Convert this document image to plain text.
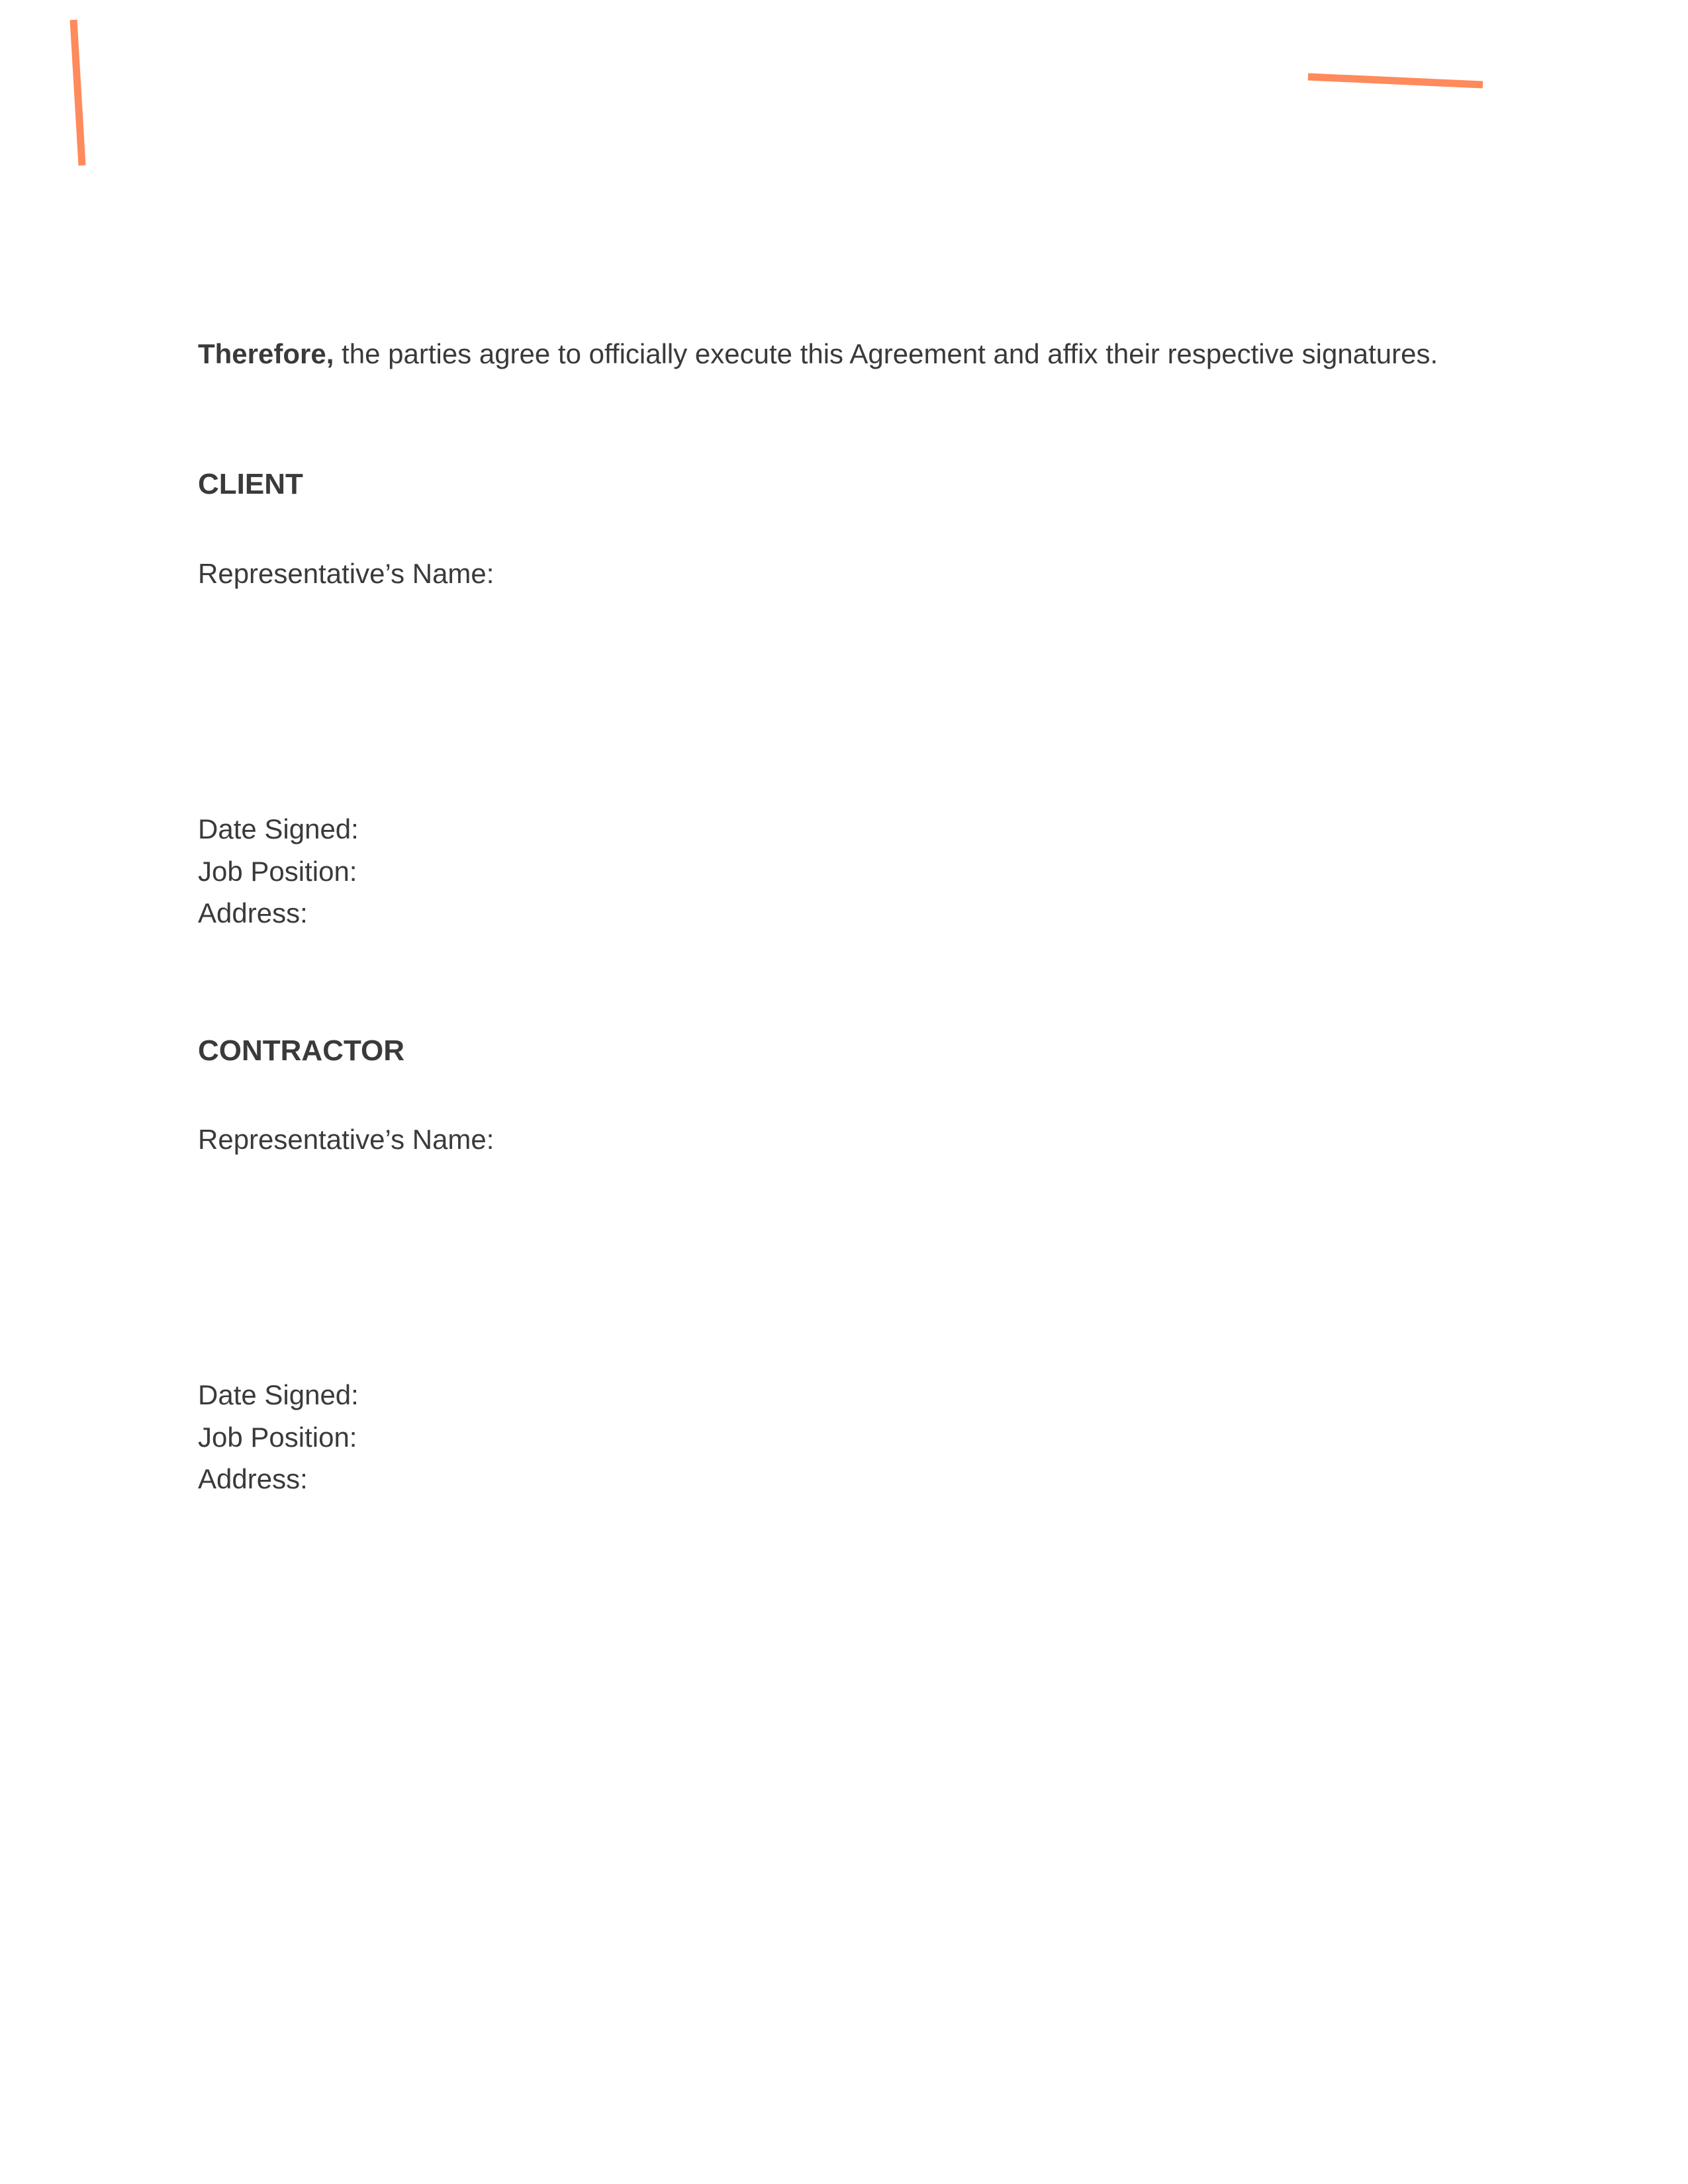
Therefore, the parties agree to officially execute this Agreement and affix their respective signatures.
CLIENT
Representative’s Name:
Date Signed:
Job Position:
Address:
CONTRACTOR
Representative’s Name:
Date Signed:
Job Position:
Address:
